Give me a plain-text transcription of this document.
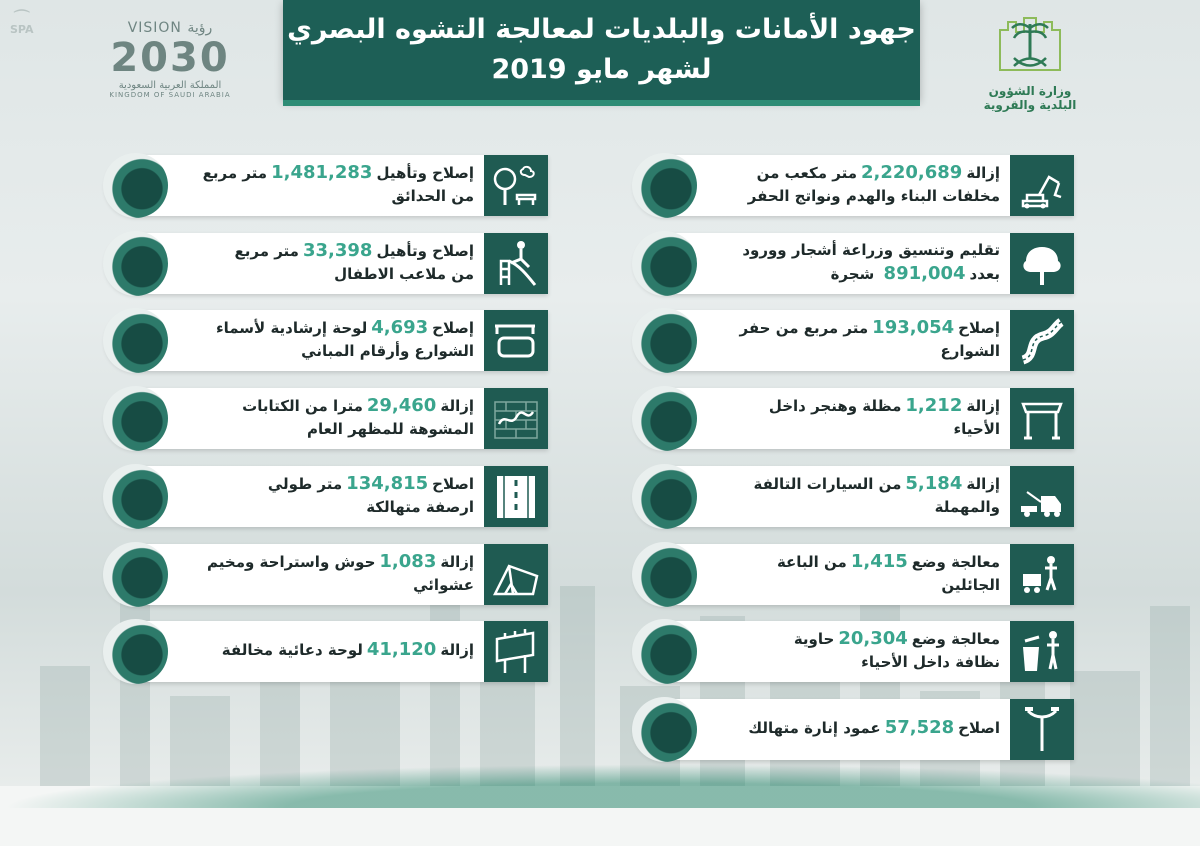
⌒
SPA	VISION رؤية
2030
المملكة العربية السعودية
KINGDOM OF SAUDI ARABIA
جهود الأمانات والبلديات لمعالجة التشوه البصري
لشهر مايو 2019
وزارة الشؤون
البلدية والقروية
إزالة2,220,689متر مكعب من
مخلفات البناء والهدم ونواتج الحفر
تقليم وتنسيق وزراعة أشجار وورود
بعدد891,004 شجرة
إصلاح193,054متر مربع من حفر
الشوارع
إزالة1,212مظلة وهنجر داخل
الأحياء
إزالة5,184من السيارات التالفة
والمهملة
معالجة وضع1,415من الباعة
الجائلين
معالجة وضع20,304حاوية
نظافة داخل الأحياء
اصلاح57,528عمود إنارة متهالك
إصلاح وتأهيل1,481,283متر مربع
من الحدائق
إصلاح وتأهيل33,398متر مربع
من ملاعب الاطفال
إصلاح4,693لوحة إرشادية لأسماء
الشوارع وأرقام المباني
إزالة29,460مترا من الكتابات
المشوهة للمظهر العام
اصلاح134,815متر طولي
ارصفة متهالكة
إزالة1,083حوش واستراحة ومخيم
عشوائي
إزالة41,120لوحة دعائية مخالفة
